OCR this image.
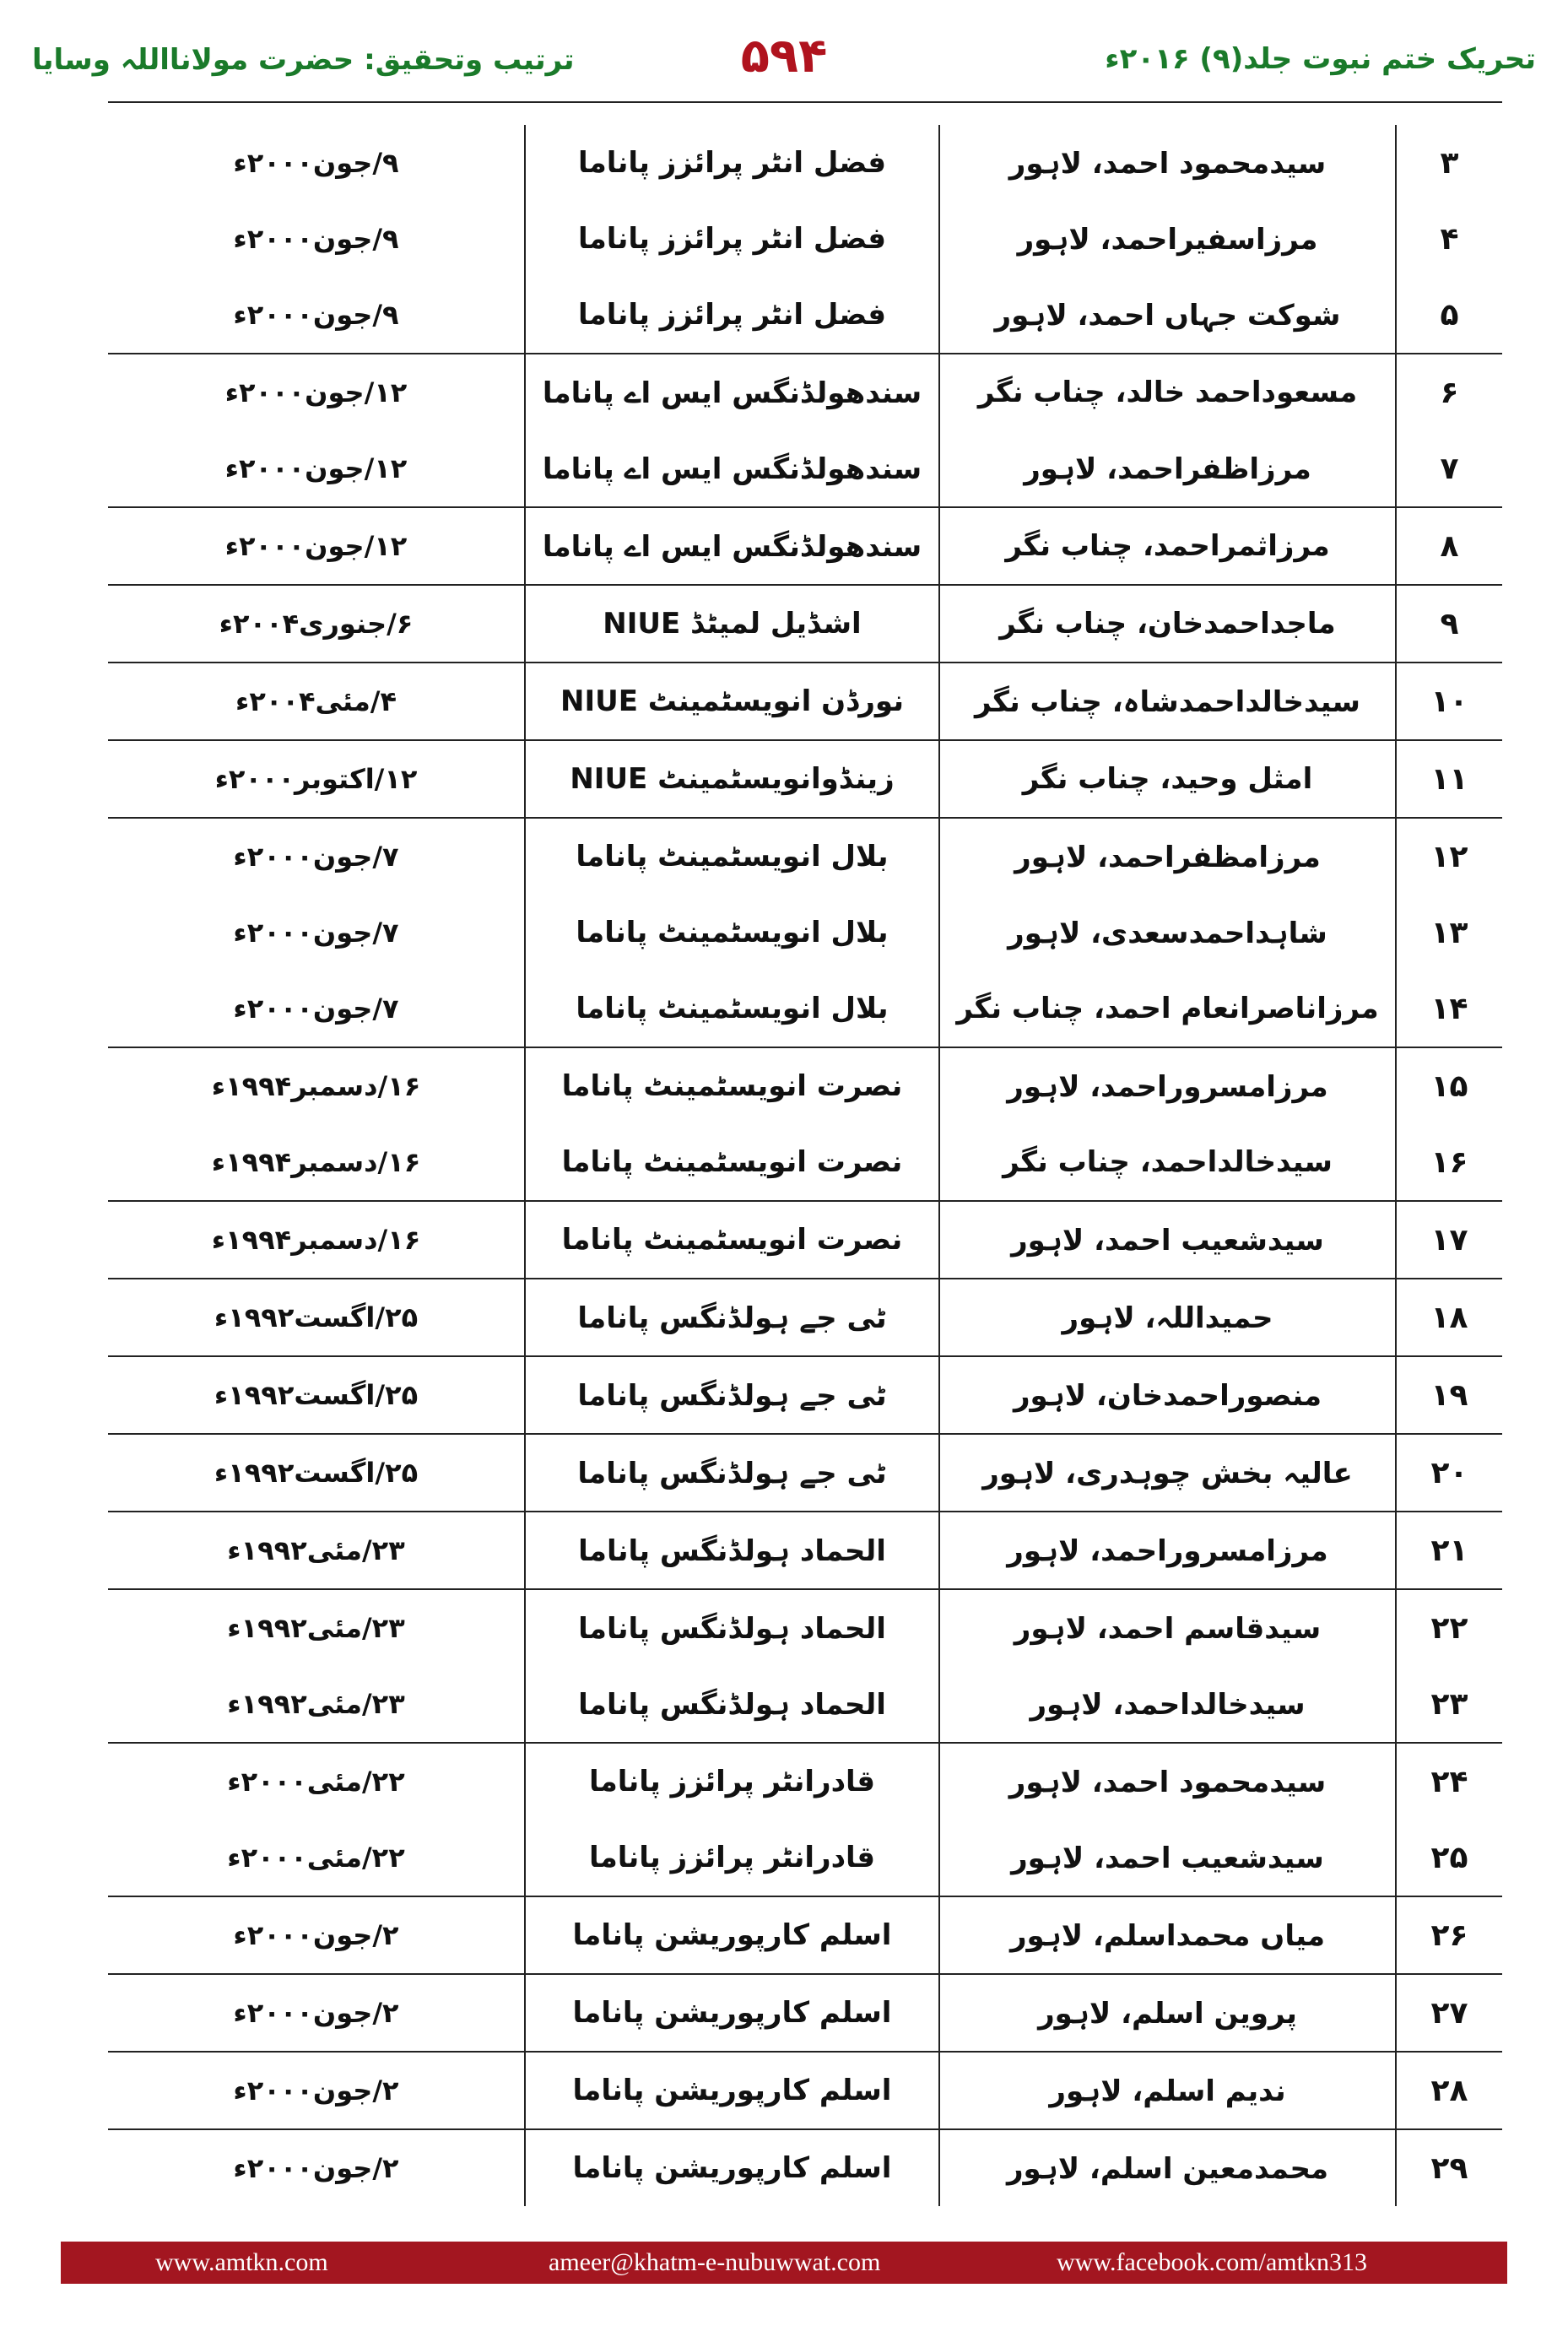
ترتیب وتحقیق: حضرت مولانااللہ وسایا	۵۹۴	تحریک ختم نبوت جلد(۹) ۲۰۱۶ء
۳	سیدمحمود احمد، لاہور	فضل انٹر پرائزز پاناما	۹/جون۲۰۰۰ء
۴	مرزاسفیراحمد، لاہور	فضل انٹر پرائزز پاناما	۹/جون۲۰۰۰ء
۵	شوکت جہاں احمد، لاہور	فضل انٹر پرائزز پاناما	۹/جون۲۰۰۰ء
۶	مسعوداحمد خالد، چناب نگر	سندھولڈنگس ایس اے پاناما	۱۲/جون۲۰۰۰ء
۷	مرزاظفراحمد، لاہور	سندھولڈنگس ایس اے پاناما	۱۲/جون۲۰۰۰ء
۸	مرزاثمراحمد، چناب نگر	سندھولڈنگس ایس اے پاناما	۱۲/جون۲۰۰۰ء
۹	ماجداحمدخان، چناب نگر	اشڈیل لمیٹڈ NIUE	۶/جنوری۲۰۰۴ء
۱۰	سیدخالداحمدشاہ، چناب نگر	نورڈن انویسٹمینٹ NIUE	۴/مئی۲۰۰۴ء
۱۱	امثل وحید، چناب نگر	زینڈوانویسٹمینٹ NIUE	۱۲/اکتوبر۲۰۰۰ء
۱۲	مرزامظفراحمد، لاہور	بلال انویسٹمینٹ پاناما	۷/جون۲۰۰۰ء
۱۳	شاہداحمدسعدی، لاہور	بلال انویسٹمینٹ پاناما	۷/جون۲۰۰۰ء
۱۴	مرزاناصرانعام احمد، چناب نگر	بلال انویسٹمینٹ پاناما	۷/جون۲۰۰۰ء
۱۵	مرزامسروراحمد، لاہور	نصرت انویسٹمینٹ پاناما	۱۶/دسمبر۱۹۹۴ء
۱۶	سیدخالداحمد، چناب نگر	نصرت انویسٹمینٹ پاناما	۱۶/دسمبر۱۹۹۴ء
۱۷	سیدشعیب احمد، لاہور	نصرت انویسٹمینٹ پاناما	۱۶/دسمبر۱۹۹۴ء
۱۸	حمیداللہ، لاہور	ٹی جے ہولڈنگس پاناما	۲۵/اگست۱۹۹۲ء
۱۹	منصوراحمدخان، لاہور	ٹی جے ہولڈنگس پاناما	۲۵/اگست۱۹۹۲ء
۲۰	عالیہ بخش چوہدری، لاہور	ٹی جے ہولڈنگس پاناما	۲۵/اگست۱۹۹۲ء
۲۱	مرزامسروراحمد، لاہور	الحماد ہولڈنگس پاناما	۲۳/مئی۱۹۹۲ء
۲۲	سیدقاسم احمد، لاہور	الحماد ہولڈنگس پاناما	۲۳/مئی۱۹۹۲ء
۲۳	سیدخالداحمد، لاہور	الحماد ہولڈنگس پاناما	۲۳/مئی۱۹۹۲ء
۲۴	سیدمحمود احمد، لاہور	قادرانٹر پرائزز پاناما	۲۲/مئی۲۰۰۰ء
۲۵	سیدشعیب احمد، لاہور	قادرانٹر پرائزز پاناما	۲۲/مئی۲۰۰۰ء
۲۶	میاں محمداسلم، لاہور	اسلم کارپوریشن پاناما	۲/جون۲۰۰۰ء
۲۷	پروین اسلم، لاہور	اسلم کارپوریشن پاناما	۲/جون۲۰۰۰ء
۲۸	ندیم اسلم، لاہور	اسلم کارپوریشن پاناما	۲/جون۲۰۰۰ء
۲۹	محمدمعین اسلم، لاہور	اسلم کارپوریشن پاناما	۲/جون۲۰۰۰ء
www.amtkn.com	ameer@khatm-e-nubuwwat.com	www.facebook.com/amtkn313
